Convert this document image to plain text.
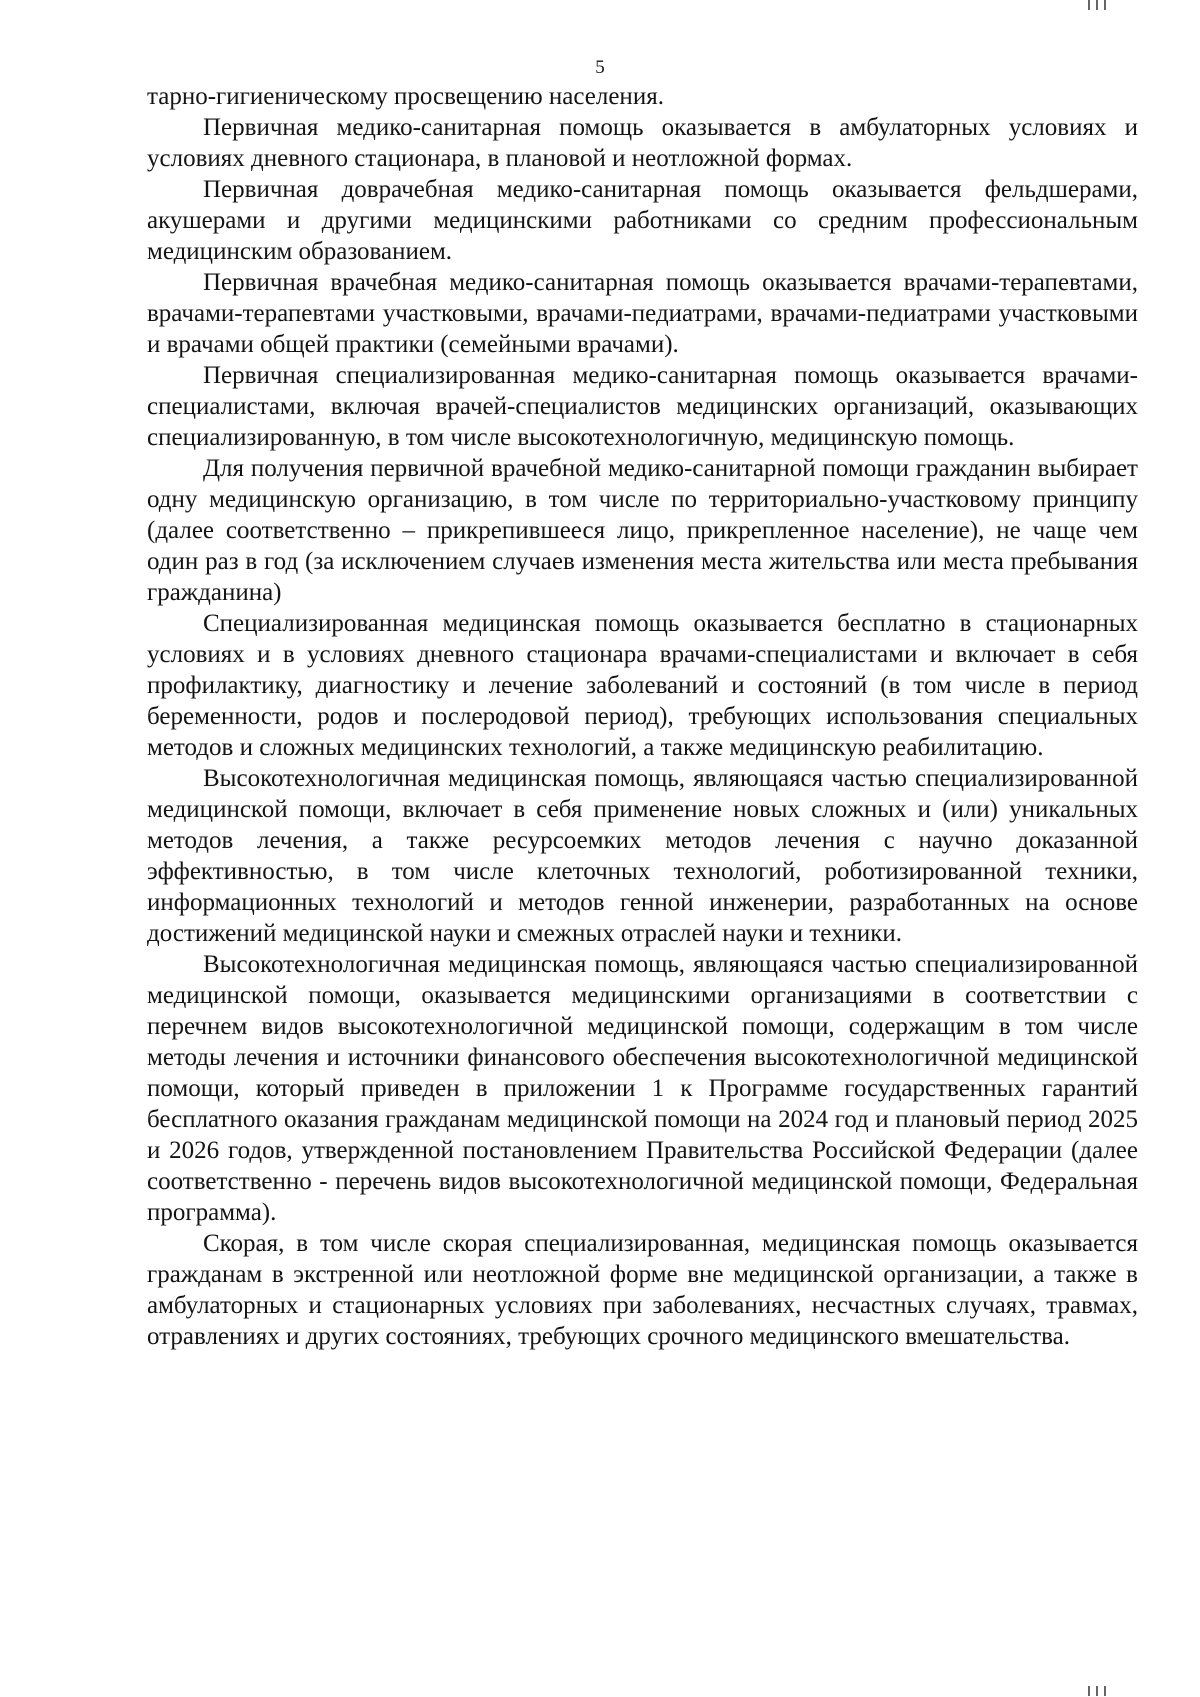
5

тарно-гигиеническому просвещению населения.

Первичная медико-санитарная помощь оказывается в амбулаторных условиях и условиях дневного стационара, в плановой и неотложной формах.

Первичная доврачебная медико-санитарная помощь оказывается фельдшерами, акушерами и другими медицинскими работниками со средним профессиональным медицинским образованием.

Первичная врачебная медико-санитарная помощь оказывается врачами-терапевтами, врачами-терапевтами участковыми, врачами-педиатрами, врачами-педиатрами участковыми и врачами общей практики (семейными врачами).

Первичная специализированная медико-санитарная помощь оказывается врачами-специалистами, включая врачей-специалистов медицинских организаций, оказывающих специализированную, в том числе высокотехнологичную, медицинскую помощь.

Для получения первичной врачебной медико-санитарной помощи гражданин выбирает одну медицинскую организацию, в том числе по территориально-участковому принципу (далее соответственно – прикрепившееся лицо, прикрепленное население), не чаще чем один раз в год (за исключением случаев изменения места жительства или места пребывания гражданина)

Специализированная медицинская помощь оказывается бесплатно в стационарных условиях и в условиях дневного стационара врачами-специалистами и включает в себя профилактику, диагностику и лечение заболеваний и состояний (в том числе в период беременности, родов и послеродовой период), требующих использования специальных методов и сложных медицинских технологий, а также медицинскую реабилитацию.

Высокотехнологичная медицинская помощь, являющаяся частью специализированной медицинской помощи, включает в себя применение новых сложных и (или) уникальных методов лечения, а также ресурсоемких методов лечения с научно доказанной эффективностью, в том числе клеточных технологий, роботизированной техники, информационных технологий и методов генной инженерии, разработанных на основе достижений медицинской науки и смежных отраслей науки и техники.

Высокотехнологичная медицинская помощь, являющаяся частью специализированной медицинской помощи, оказывается медицинскими организациями в соответствии с перечнем видов высокотехнологичной медицинской помощи, содержащим в том числе методы лечения и источники финансового обеспечения высокотехнологичной медицинской помощи, который приведен в приложении 1 к Программе государственных гарантий бесплатного оказания гражданам медицинской помощи на 2024 год и плановый период 2025 и 2026 годов, утвержденной постановлением Правительства Российской Федерации (далее соответственно - перечень видов высокотехнологичной медицинской помощи, Федеральная программа).

Скорая, в том числе скорая специализированная, медицинская помощь оказывается гражданам в экстренной или неотложной форме вне медицинской организации, а также в амбулаторных и стационарных условиях при заболеваниях, несчастных случаях, травмах, отравлениях и других состояниях, требующих срочного медицинского вмешательства.
